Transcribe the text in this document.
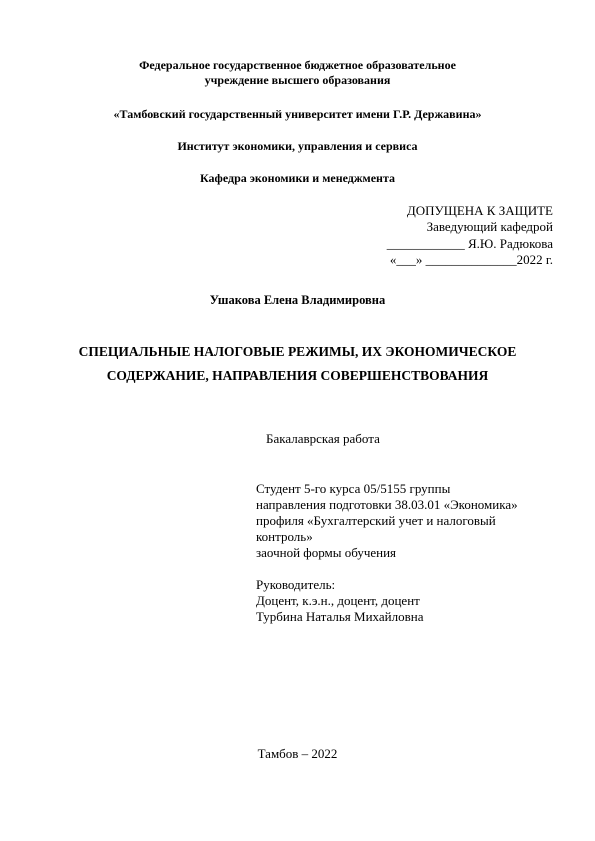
Федеральное государственное бюджетное образовательное
учреждение высшего образования
«Тамбовский государственный университет имени Г.Р. Державина»
Институт экономики, управления и сервиса
Кафедра экономики и менеджмента
ДОПУЩЕНА К ЗАЩИТЕ
Заведующий кафедрой
____________ Я.Ю. Радюкова
«___» ______________2022 г.
Ушакова Елена Владимировна
СПЕЦИАЛЬНЫЕ НАЛОГОВЫЕ РЕЖИМЫ, ИХ ЭКОНОМИЧЕСКОЕ
СОДЕРЖАНИЕ, НАПРАВЛЕНИЯ СОВЕРШЕНСТВОВАНИЯ
Бакалаврская работа
Студент 5-го курса 05/5155 группы
направления подготовки 38.03.01 «Экономика»
профиля «Бухгалтерский учет и налоговый
контроль»
заочной формы обучения
Руководитель:
Доцент, к.э.н., доцент, доцент
Турбина Наталья Михайловна
Тамбов – 2022
